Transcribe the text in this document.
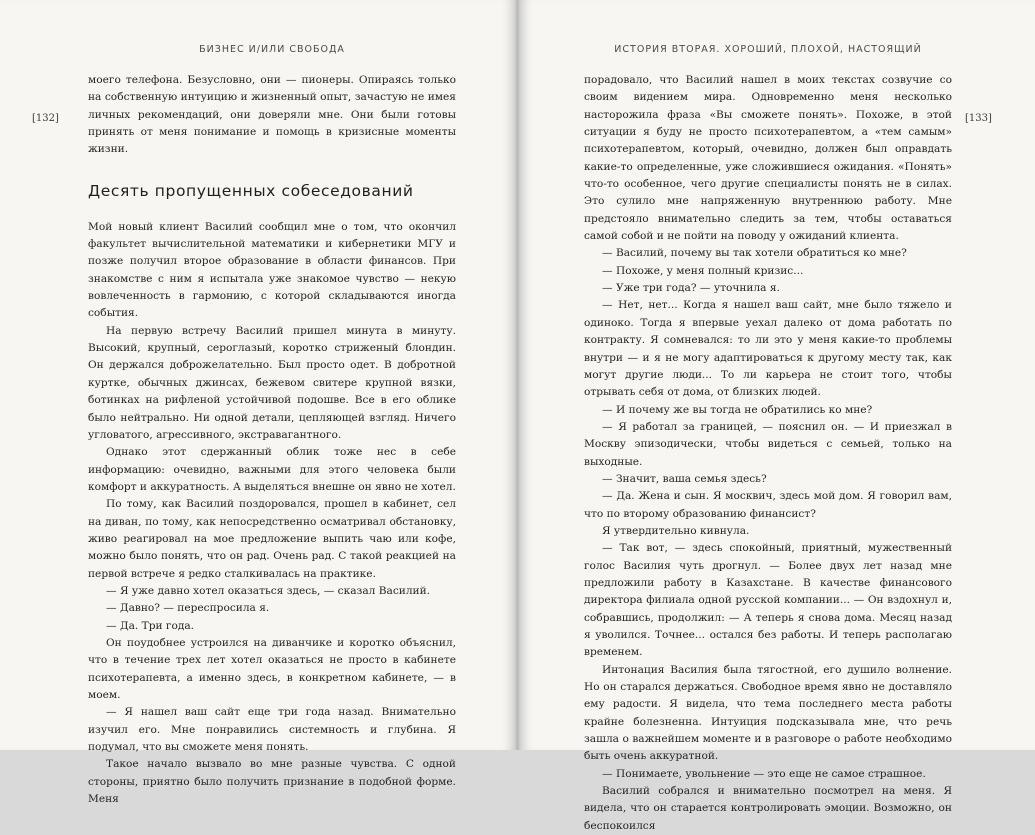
БИЗНЕС И/ИЛИ СВОБОДА
[132]

моего телефона. Безусловно, они — пионеры. Опираясь только на собственную интуицию и жизненный опыт, зачастую не имея личных рекомендаций, они доверяли мне. Они были готовы принять от меня понимание и помощь в кризисные моменты жизни.

Десять пропущенных собеседований

Мой новый клиент Василий сообщил мне о том, что окончил факультет вычислительной математики и кибернетики МГУ и позже получил второе образование в области финансов. При знакомстве с ним я испытала уже знакомое чувство — некую вовлеченность в гармонию, с которой складываются иногда события.

На первую встречу Василий пришел минута в минуту. Высокий, крупный, сероглазый, коротко стриженый блондин. Он держался доброжелательно. Был просто одет. В добротной куртке, обычных джинсах, бежевом свитере крупной вязки, ботинках на рифленой устойчивой подошве. Все в его облике было нейтрально. Ни одной детали, цепляющей взгляд. Ничего угловатого, агрессивного, экстравагантного.

Однако этот сдержанный облик тоже нес в себе информацию: очевидно, важными для этого человека были комфорт и аккуратность. А выделяться внешне он явно не хотел.

По тому, как Василий поздоровался, прошел в кабинет, сел на диван, по тому, как непосредственно осматривал обстановку, живо реагировал на мое предложение выпить чаю или кофе, можно было понять, что он рад. Очень рад. С такой реакцией на первой встрече я редко сталкивалась на практике.

— Я уже давно хотел оказаться здесь, — сказал Василий.

— Давно? — переспросила я.

— Да. Три года.

Он поудобнее устроился на диванчике и коротко объяснил, что в течение трех лет хотел оказаться не просто в кабинете психотерапевта, а именно здесь, в конкретном кабинете, — в моем.

— Я нашел ваш сайт еще три года назад. Внимательно изучил его. Мне понравились системность и глубина. Я подумал, что вы сможете меня понять.

Такое начало вызвало во мне разные чувства. С одной стороны, приятно было получить признание в подобной форме. Меня

ИСТОРИЯ ВТОРАЯ. ХОРОШИЙ, ПЛОХОЙ, НАСТОЯЩИЙ
[133]

порадовало, что Василий нашел в моих текстах созвучие со своим видением мира. Одновременно меня несколько насторожила фраза «Вы сможете понять». Похоже, в этой ситуации я буду не просто психотерапевтом, а «тем самым» психотерапевтом, который, очевидно, должен был оправдать какие-то определенные, уже сложившиеся ожидания. «Понять» что-то особенное, чего другие специалисты понять не в силах. Это сулило мне напряженную внутреннюю работу. Мне предстояло внимательно следить за тем, чтобы оставаться самой собой и не пойти на поводу у ожиданий клиента.

— Василий, почему вы так хотели обратиться ко мне?

— Похоже, у меня полный кризис...

— Уже три года? — уточнила я.

— Нет, нет... Когда я нашел ваш сайт, мне было тяжело и одиноко. Тогда я впервые уехал далеко от дома работать по контракту. Я сомневался: то ли это у меня какие-то проблемы внутри — и я не могу адаптироваться к другому месту так, как могут другие люди... То ли карьера не стоит того, чтобы отрывать себя от дома, от близких людей.

— И почему же вы тогда не обратились ко мне?

— Я работал за границей, — пояснил он. — И приезжал в Москву эпизодически, чтобы видеться с семьей, только на выходные.

— Значит, ваша семья здесь?

— Да. Жена и сын. Я москвич, здесь мой дом. Я говорил вам, что по второму образованию финансист?

Я утвердительно кивнула.

— Так вот, — здесь спокойный, приятный, мужественный голос Василия чуть дрогнул. — Более двух лет назад мне предложили работу в Казахстане. В качестве финансового директора филиала одной русской компании... — Он вздохнул и, собравшись, продолжил: — А теперь я снова дома. Месяц назад я уволился. Точнее... остался без работы. И теперь располагаю временем.

Интонация Василия была тягостной, его душило волнение. Но он старался держаться. Свободное время явно не доставляло ему радости. Я видела, что тема последнего места работы крайне болезненна. Интуиция подсказывала мне, что речь зашла о важнейшем моменте и в разговоре о работе необходимо быть очень аккуратной.

— Понимаете, увольнение — это еще не самое страшное.

Василий собрался и внимательно посмотрел на меня. Я видела, что он старается контролировать эмоции. Возможно, он беспокоился
